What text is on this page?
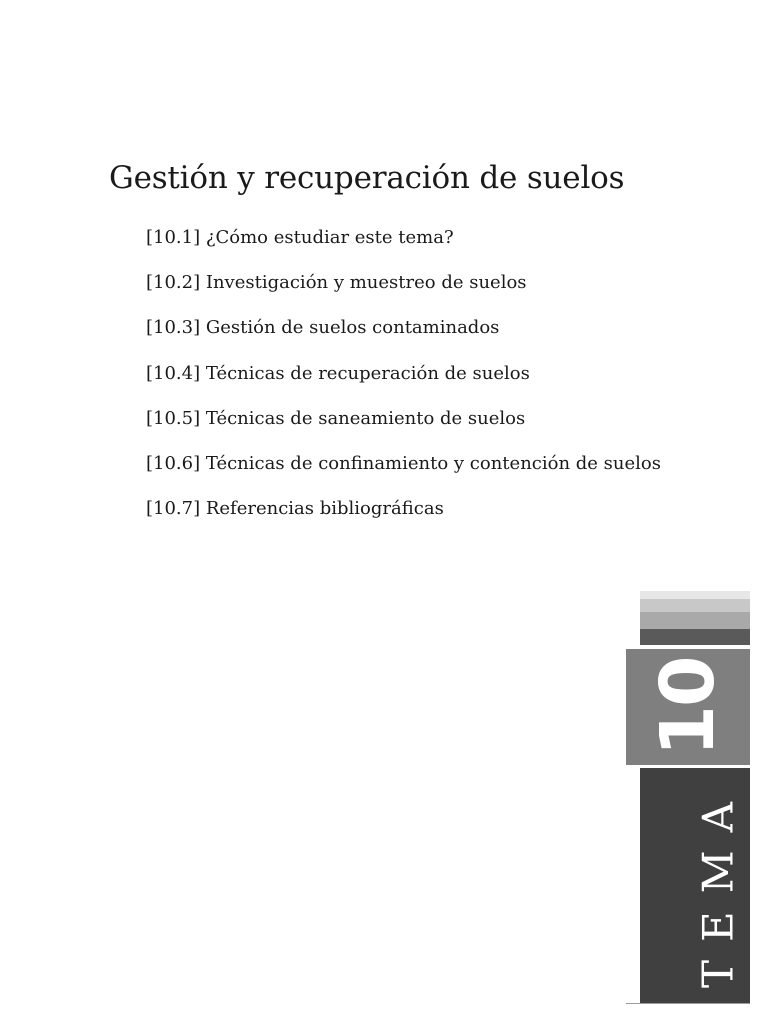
Gestión y recuperación de suelos
[10.1] ¿Cómo estudiar este tema?
[10.2] Investigación y muestreo de suelos
[10.3] Gestión de suelos contaminados
[10.4] Técnicas de recuperación de suelos
[10.5] Técnicas de saneamiento de suelos
[10.6] Técnicas de confinamiento y contención de suelos
[10.7] Referencias bibliográficas
10
TEMA
